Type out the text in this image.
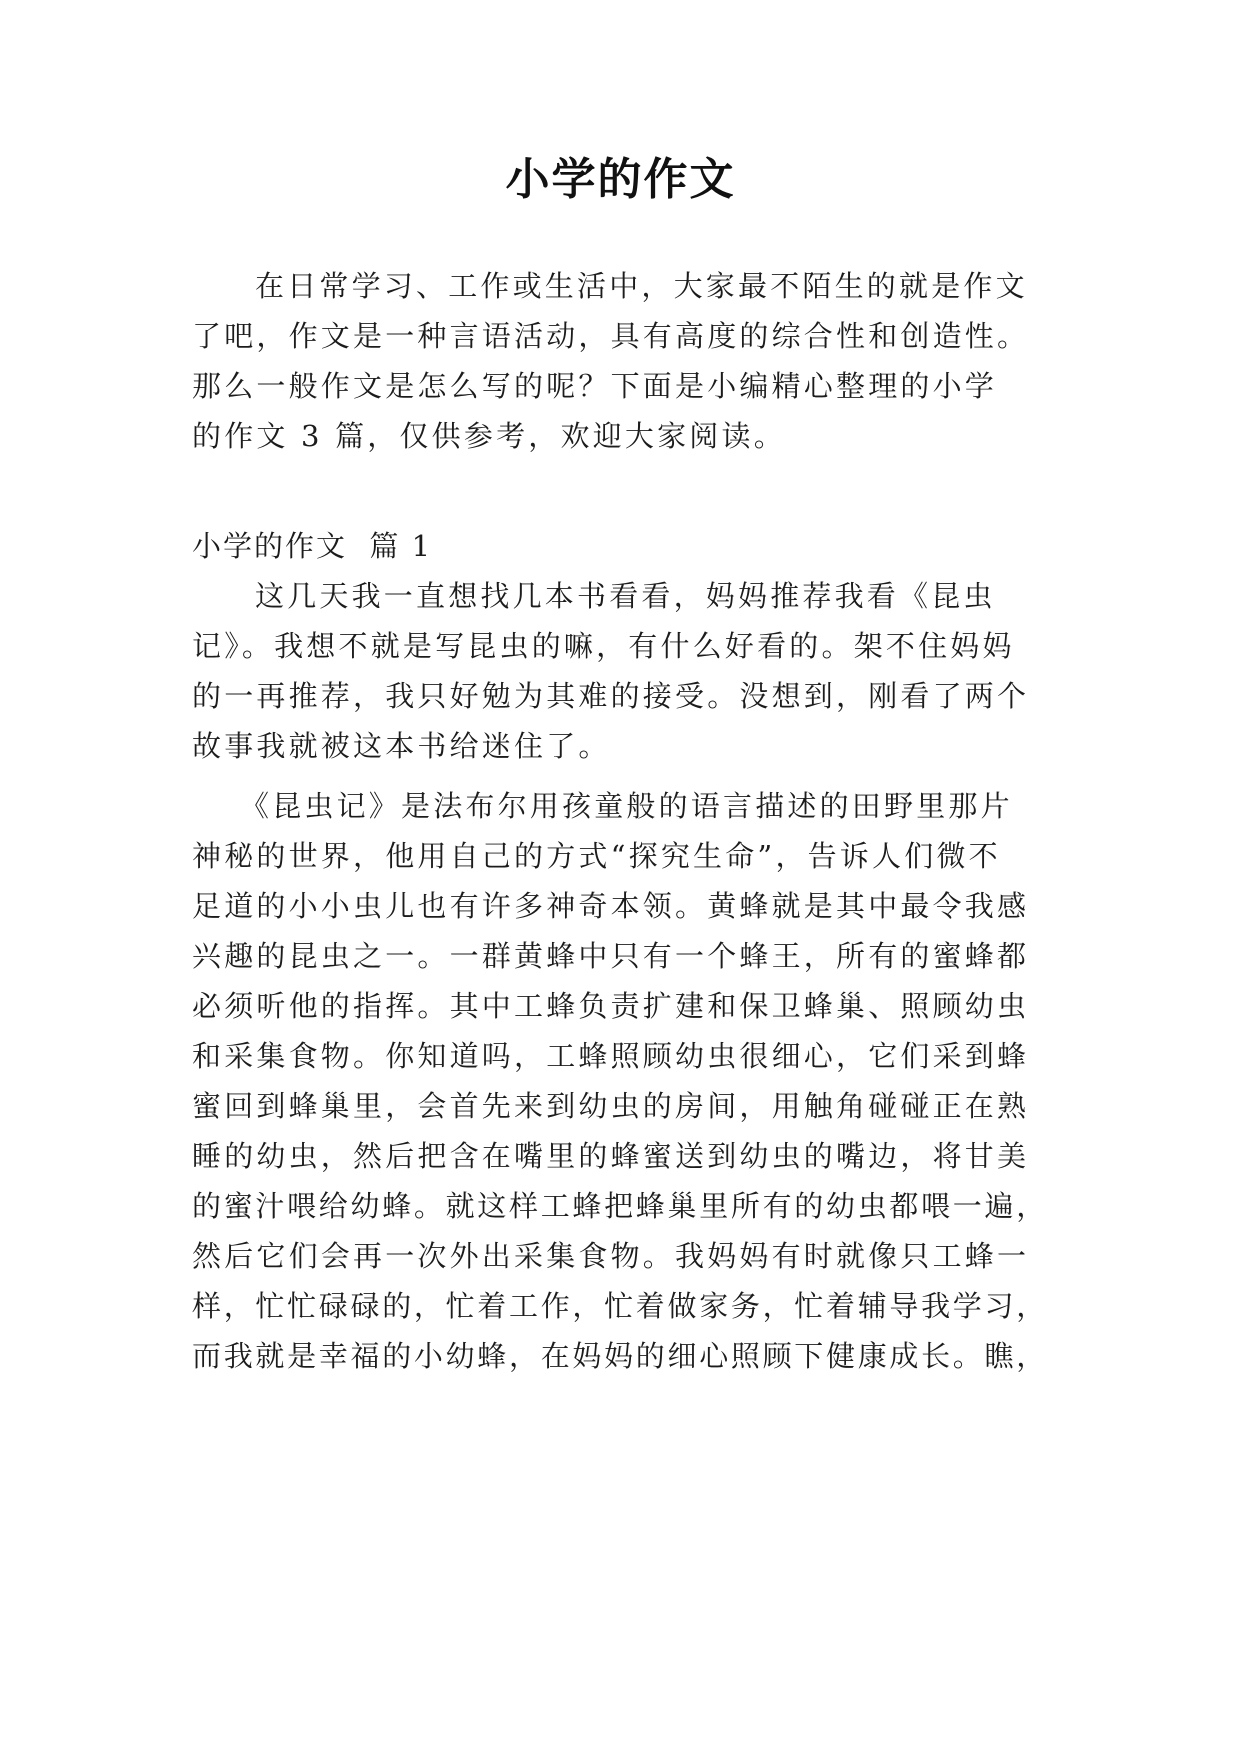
小学的作文
在日常学习、工作或生活中，大家最不陌生的就是作文
了吧，作文是一种言语活动，具有高度的综合性和创造性。
那么一般作文是怎么写的呢？下面是小编精心整理的小学
的作文 3 篇，仅供参考，欢迎大家阅读。
小学的作文  篇 1
这几天我一直想找几本书看看，妈妈推荐我看《昆虫
记》。我想不就是写昆虫的嘛，有什么好看的。架不住妈妈
的一再推荐，我只好勉为其难的接受。没想到，刚看了两个
故事我就被这本书给迷住了。
《昆虫记》是法布尔用孩童般的语言描述的田野里那片
神秘的世界，他用自己的方式“探究生命”，告诉人们微不
足道的小小虫儿也有许多神奇本领。黄蜂就是其中最令我感
兴趣的昆虫之一。一群黄蜂中只有一个蜂王，所有的蜜蜂都
必须听他的指挥。其中工蜂负责扩建和保卫蜂巢、照顾幼虫
和采集食物。你知道吗，工蜂照顾幼虫很细心，它们采到蜂
蜜回到蜂巢里，会首先来到幼虫的房间，用触角碰碰正在熟
睡的幼虫，然后把含在嘴里的蜂蜜送到幼虫的嘴边，将甘美
的蜜汁喂给幼蜂。就这样工蜂把蜂巢里所有的幼虫都喂一遍，
然后它们会再一次外出采集食物。我妈妈有时就像只工蜂一
样，忙忙碌碌的，忙着工作，忙着做家务，忙着辅导我学习，
而我就是幸福的小幼蜂，在妈妈的细心照顾下健康成长。瞧，
